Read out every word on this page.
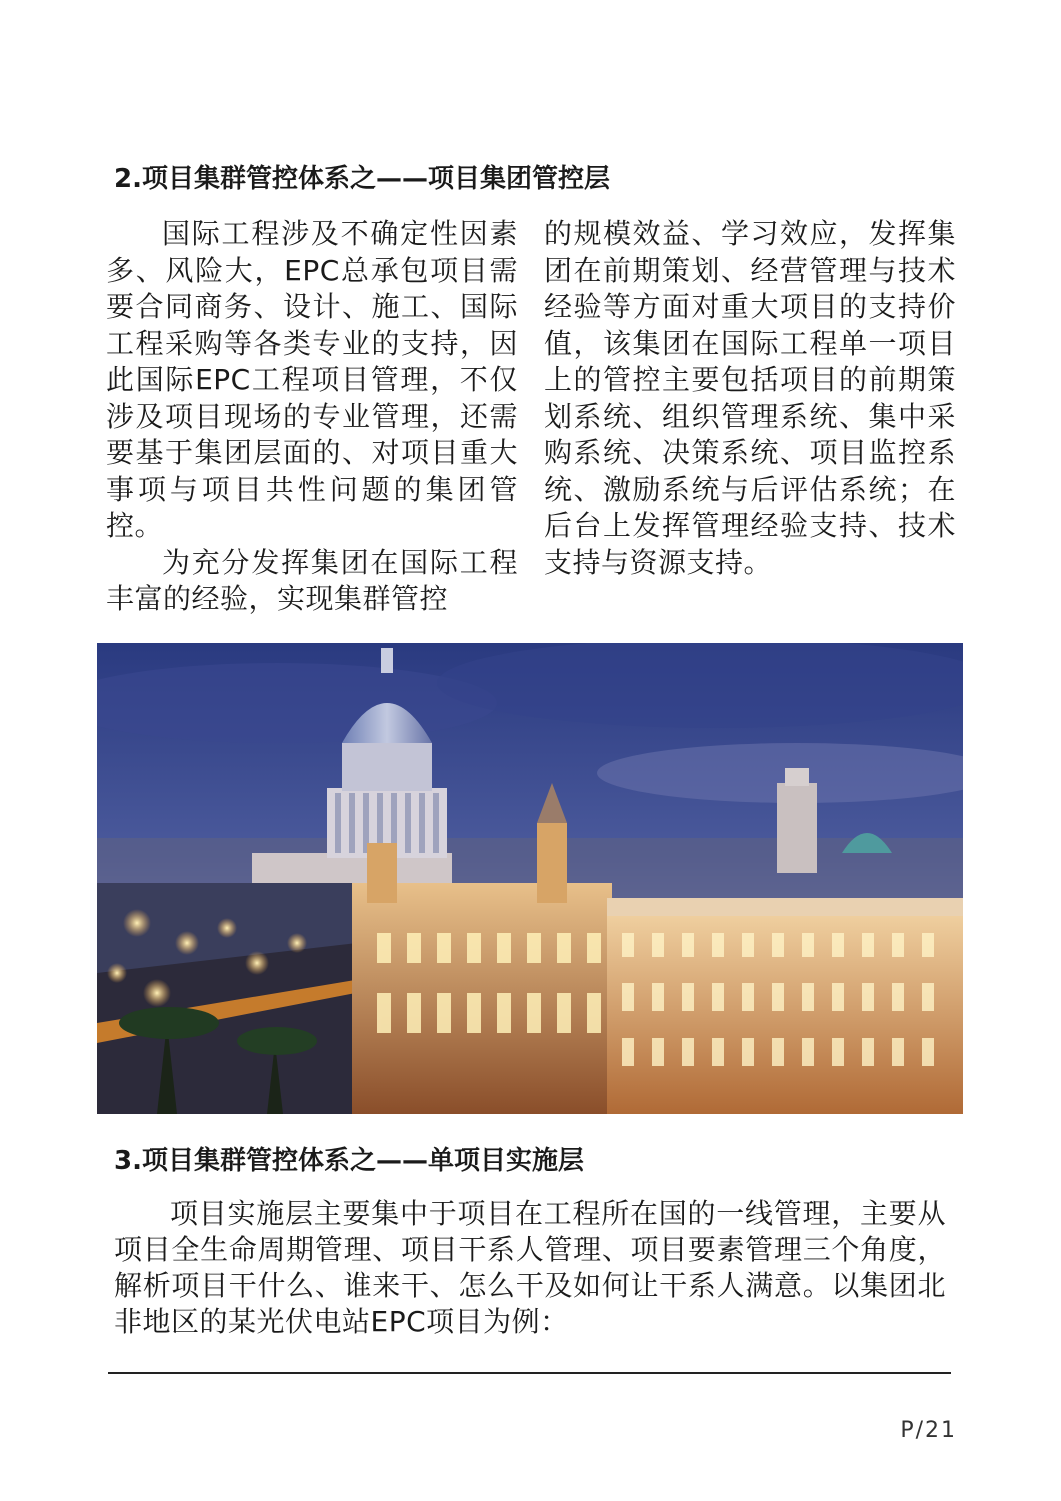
2.项目集群管控体系之——项目集团管控层

国际工程涉及不确定性因素多、风险大，EPC总承包项目需要合同商务、设计、施工、国际工程采购等各类专业的支持，因此国际EPC工程项目管理，不仅涉及项目现场的专业管理，还需要基于集团层面的、对项目重大事项与项目共性问题的集团管控。

为充分发挥集团在国际工程丰富的经验，实现集群管控

的规模效益、学习效应，发挥集团在前期策划、经营管理与技术经验等方面对重大项目的支持价值，该集团在国际工程单一项目上的管控主要包括项目的前期策划系统、组织管理系统、集中采购系统、决策系统、项目监控系统、激励系统与后评估系统；在后台上发挥管理经验支持、技术支持与资源支持。

3.项目集群管控体系之——单项目实施层

项目实施层主要集中于项目在工程所在国的一线管理，主要从项目全生命周期管理、项目干系人管理、项目要素管理三个角度，解析项目干什么、谁来干、怎么干及如何让干系人满意。以集团北非地区的某光伏电站EPC项目为例：

P/21
